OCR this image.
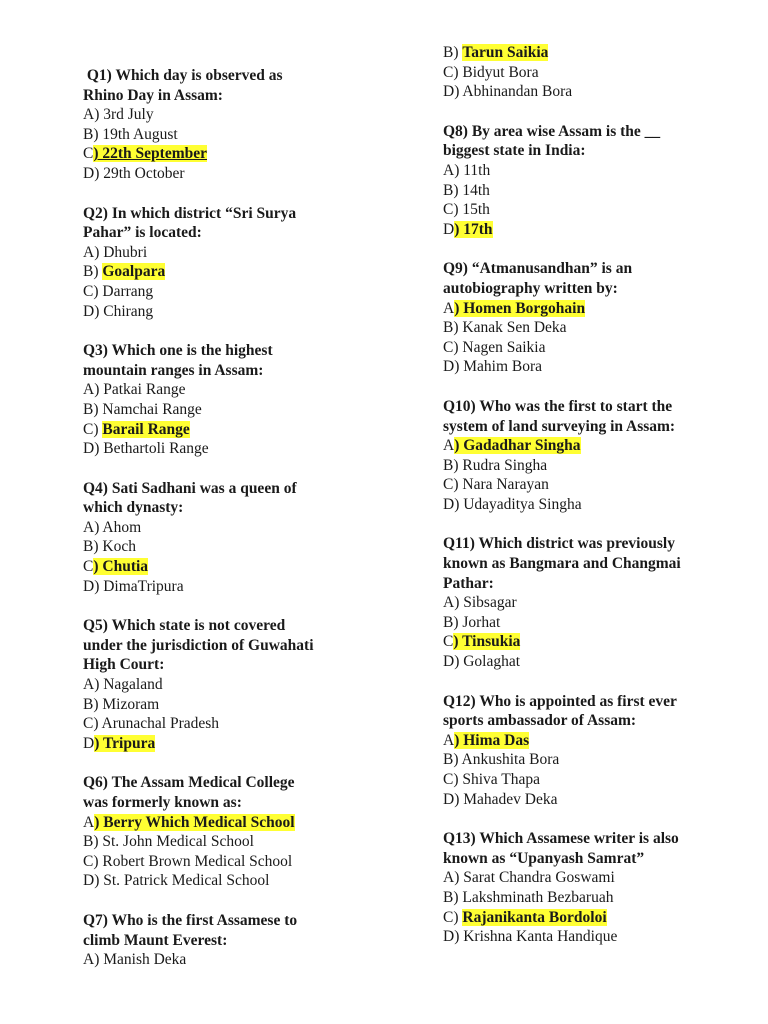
Q1) Which day is observed as
Rhino Day in Assam:

A) 3rd July

B) 19th August

C) 22th September

D) 29th October

Q2) In which district “Sri Surya
Pahar” is located:

A) Dhubri

B) Goalpara

C) Darrang

D) Chirang

Q3) Which one is the highest
mountain ranges in Assam:

A) Patkai Range

B) Namchai Range

C) Barail Range

D) Bethartoli Range

Q4) Sati Sadhani was a queen of
which dynasty:

A) Ahom

B) Koch

C) Chutia

D) DimaTripura

Q5) Which state is not covered
under the jurisdiction of Guwahati
High Court:

A) Nagaland

B) Mizoram

C) Arunachal Pradesh

D) Tripura

Q6) The Assam Medical College
was formerly known as:

A) Berry Which Medical School

B) St. John Medical School

C) Robert Brown Medical School

D) St. Patrick Medical School

Q7) Who is the first Assamese to
climb Maunt Everest:

A) Manish Deka

B) Tarun Saikia

C) Bidyut Bora

D) Abhinandan Bora

Q8) By area wise Assam is the __
biggest state in India:

A) 11th

B) 14th

C) 15th

D) 17th

Q9) “Atmanusandhan” is an
autobiography written by:

A) Homen Borgohain

B) Kanak Sen Deka

C) Nagen Saikia

D) Mahim Bora

Q10) Who was the first to start the
system of land surveying in Assam:

A) Gadadhar Singha

B) Rudra Singha

C) Nara Narayan

D) Udayaditya Singha

Q11) Which district was previously
known as Bangmara and Changmai
Pathar:

A) Sibsagar

B) Jorhat

C) Tinsukia

D) Golaghat

Q12) Who is appointed as first ever
sports ambassador of Assam:

A) Hima Das

B) Ankushita Bora

C) Shiva Thapa

D) Mahadev Deka

Q13) Which Assamese writer is also
known as “Upanyash Samrat”

A) Sarat Chandra Goswami

B) Lakshminath Bezbaruah

C) Rajanikanta Bordoloi

D) Krishna Kanta Handique
